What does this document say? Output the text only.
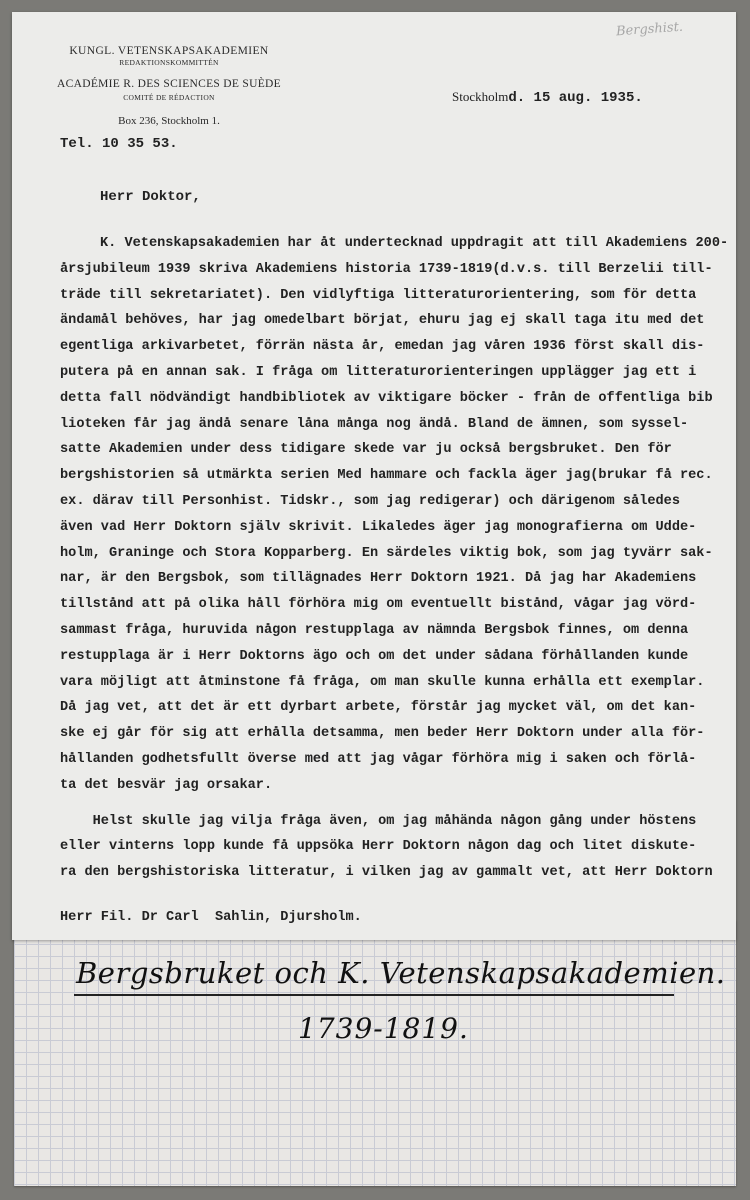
Bergsbruket och K. Vetenskapsakademien.
1739-1819.
Bergshist.
KUNGL. VETENSKAPSAKADEMIEN
REDAKTIONSKOMMITTÉN
ACADÉMIE R. DES SCIENCES DE SUÈDE
COMITÉ DE RÉDACTION
Box 236, Stockholm 1.
Stockholmd. 15 aug. 1935.
Tel. 10 35 53.
Herr Doktor,
K. Vetenskapsakademien har åt undertecknad uppdragit att till Akademiens 200-
årsjubileum 1939 skriva Akademiens historia 1739-1819(d.v.s. till Berzelii till-
träde till sekretariatet). Den vidlyftiga litteraturorientering, som för detta
ändamål behöves, har jag omedelbart börjat, ehuru jag ej skall taga itu med det
egentliga arkivarbetet, förrän nästa år, emedan jag våren 1936 först skall dis-
putera på en annan sak. I fråga om litteraturorienteringen upplägger jag ett i
detta fall nödvändigt handbibliotek av viktigare böcker - från de offentliga bib
lioteken får jag ändå senare låna många nog ändå. Bland de ämnen, som syssel-
satte Akademien under dess tidigare skede var ju också bergsbruket. Den för
bergshistorien så utmärkta serien Med hammare och fackla äger jag(brukar få rec.
ex. därav till Personhist. Tidskr., som jag redigerar) och därigenom således
även vad Herr Doktorn själv skrivit. Likaledes äger jag monografierna om Udde-
holm, Graninge och Stora Kopparberg. En särdeles viktig bok, som jag tyvärr sak-
nar, är den Bergsbok, som tillägnades Herr Doktorn 1921. Då jag har Akademiens
tillstånd att på olika håll förhöra mig om eventuellt bistånd, vågar jag vörd-
sammast fråga, huruvida någon restupplaga av nämnda Bergsbok finnes, om denna
restupplaga är i Herr Doktorns ägo och om det under sådana förhållanden kunde
vara möjligt att åtminstone få fråga, om man skulle kunna erhålla ett exemplar.
Då jag vet, att det är ett dyrbart arbete, förstår jag mycket väl, om det kan-
ske ej går för sig att erhålla detsamma, men beder Herr Doktorn under alla för-
hållanden godhetsfullt överse med att jag vågar förhöra mig i saken och förlå-
ta det besvär jag orsakar.
Helst skulle jag vilja fråga även, om jag måhända någon gång under höstens
eller vinterns lopp kunde få uppsöka Herr Doktorn någon dag och litet diskute-
ra den bergshistoriska litteratur, i vilken jag av gammalt vet, att Herr Doktorn
Herr Fil. Dr Carl  Sahlin, Djursholm.
